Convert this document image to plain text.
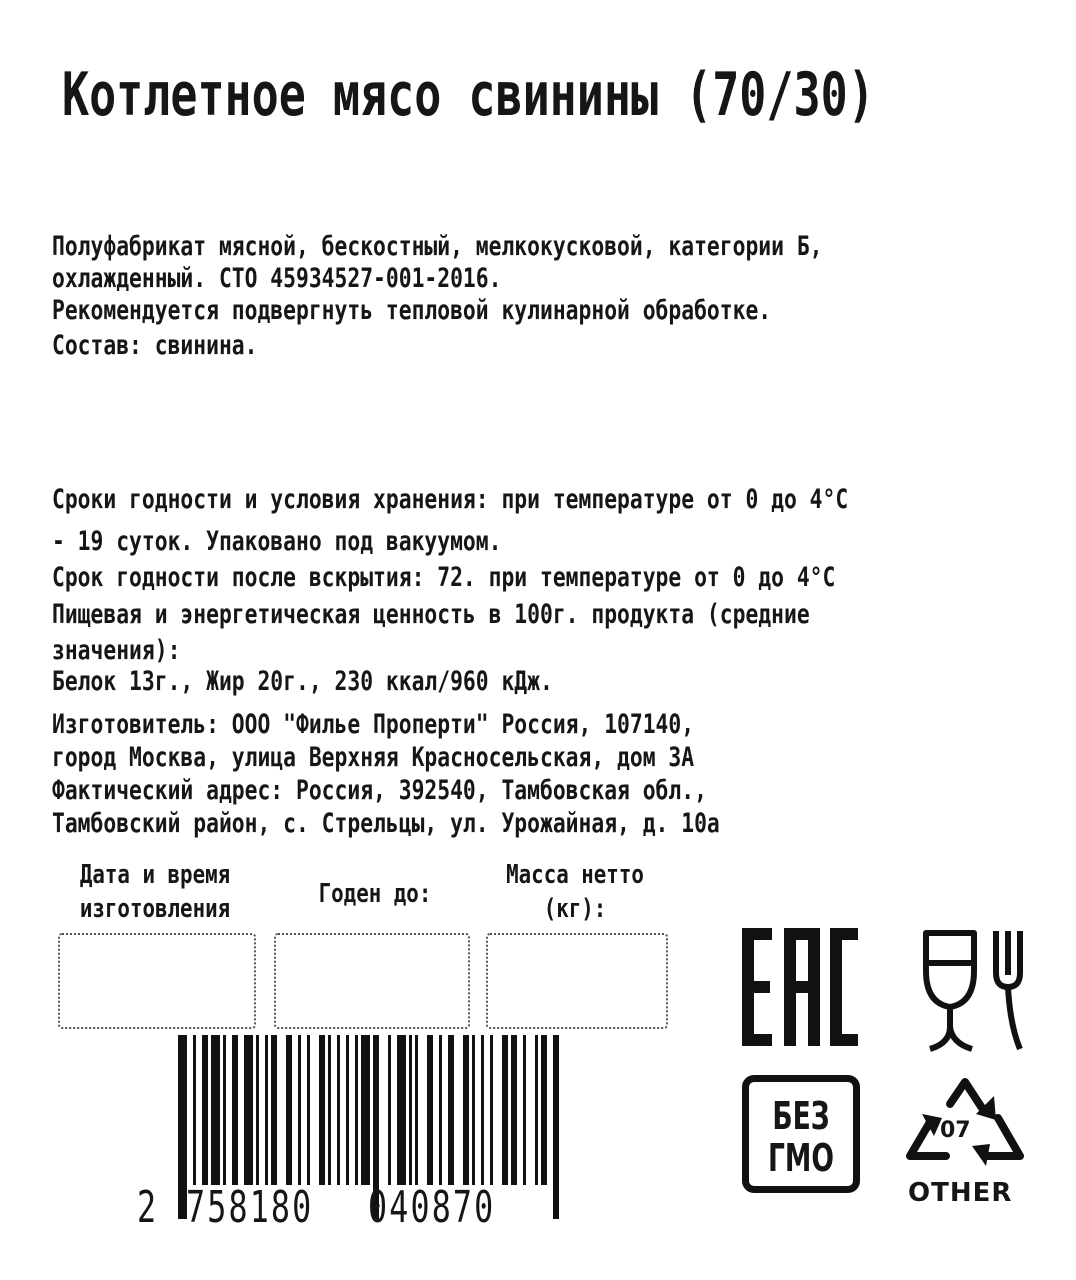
Котлетное мясо свинины (70/30)
Полуфабрикат мясной, бескостный, мелкокусковой, категории Б,
охлажденный. СТО 45934527-001-2016.
Рекомендуется подвергнуть тепловой кулинарной обработке.
Состав: свинина.
Сроки годности и условия хранения: при температуре от 0 до 4°С
- 19 суток. Упаковано под вакуумом.
Срок годности после вскрытия: 72. при температуре от 0 до 4°С
Пищевая и энергетическая ценность в 100г. продукта (средние
значения):
Белок 13г., Жир 20г., 230 ккал/960 кДж.
Изготовитель: ООО "Филье Проперти" Россия, 107140,
город Москва, улица Верхняя Красносельская, дом 3А
Фактический адрес: Россия, 392540, Тамбовская обл.,
Тамбовский район, с. Стрельцы, ул. Урожайная, д. 10а
Дата и время изготовления	Годен до:
Масса нетто (кг):
2 758180 040870
БЕЗ
ГМО
07
OTHER
